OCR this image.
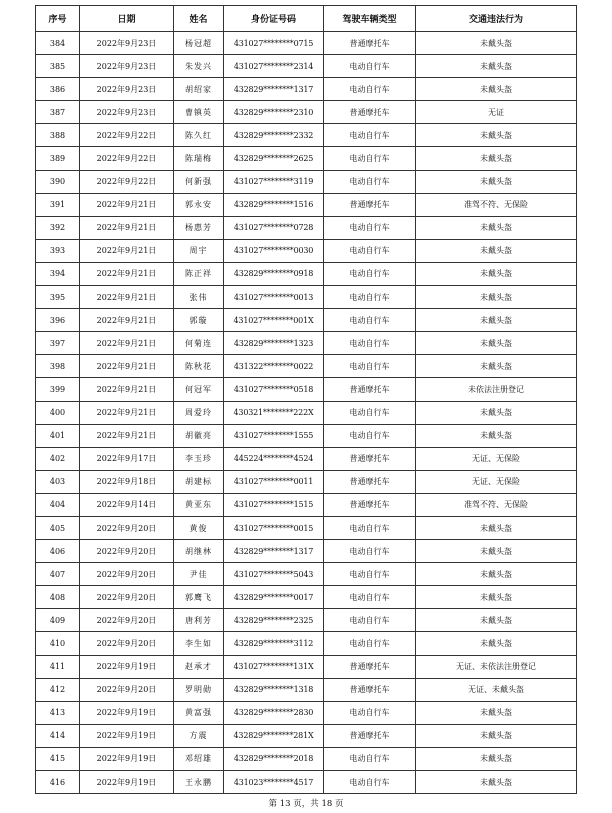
序号	日期	姓名	身份证号码	驾驶车辆类型	交通违法行为
384	2022年9月23日	杨冠超	431027********0715	普通摩托车	未戴头盔
385	2022年9月23日	朱发兴	431027********2314	电动自行车	未戴头盔
386	2022年9月23日	胡绍家	432829********1317	电动自行车	未戴头盔
387	2022年9月23日	曹镇英	432829********2310	普通摩托车	无证
388	2022年9月22日	陈久红	432829********2332	电动自行车	未戴头盔
389	2022年9月22日	陈瑞梅	432829********2625	电动自行车	未戴头盔
390	2022年9月22日	何新强	431027********3119	电动自行车	未戴头盔
391	2022年9月21日	郭永安	432829********1516	普通摩托车	准驾不符、无保险
392	2022年9月21日	杨惠芳	431027********0728	电动自行车	未戴头盔
393	2022年9月21日	周宇	431027********0030	电动自行车	未戴头盔
394	2022年9月21日	陈正祥	432829********0918	电动自行车	未戴头盔
395	2022年9月21日	张伟	431027********0013	电动自行车	未戴头盔
396	2022年9月21日	郭璇	431027********001X	电动自行车	未戴头盔
397	2022年9月21日	何菊连	432829********1323	电动自行车	未戴头盔
398	2022年9月21日	陈秋花	431322********0022	电动自行车	未戴头盔
399	2022年9月21日	何冠军	431027********0518	普通摩托车	未依法注册登记
400	2022年9月21日	周爱玲	430321********222X	电动自行车	未戴头盔
401	2022年9月21日	胡徽亮	431027********1555	电动自行车	未戴头盔
402	2022年9月17日	李玉珍	445224********4524	普通摩托车	无证、无保险
403	2022年9月18日	胡建标	431027********0011	普通摩托车	无证、无保险
404	2022年9月14日	黄亚东	431027********1515	普通摩托车	准驾不符、无保险
405	2022年9月20日	黄俊	431027********0015	电动自行车	未戴头盔
406	2022年9月20日	胡继林	432829********1317	电动自行车	未戴头盔
407	2022年9月20日	尹佳	431027********5043	电动自行车	未戴头盔
408	2022年9月20日	郭鹰飞	432829********0017	电动自行车	未戴头盔
409	2022年9月20日	唐利芳	432829********2325	电动自行车	未戴头盔
410	2022年9月20日	李生如	432829********3112	电动自行车	未戴头盔
411	2022年9月19日	赵承才	431027********131X	普通摩托车	无证、未依法注册登记
412	2022年9月20日	罗明勋	432829********1318	普通摩托车	无证、未戴头盔
413	2022年9月19日	黄富强	432829********2830	电动自行车	未戴头盔
414	2022年9月19日	方震	432829********281X	普通摩托车	未戴头盔
415	2022年9月19日	邓绍雄	432829********2018	电动自行车	未戴头盔
416	2022年9月19日	王永鹏	431023********4517	电动自行车	未戴头盔
第 13 页，共 18 页
